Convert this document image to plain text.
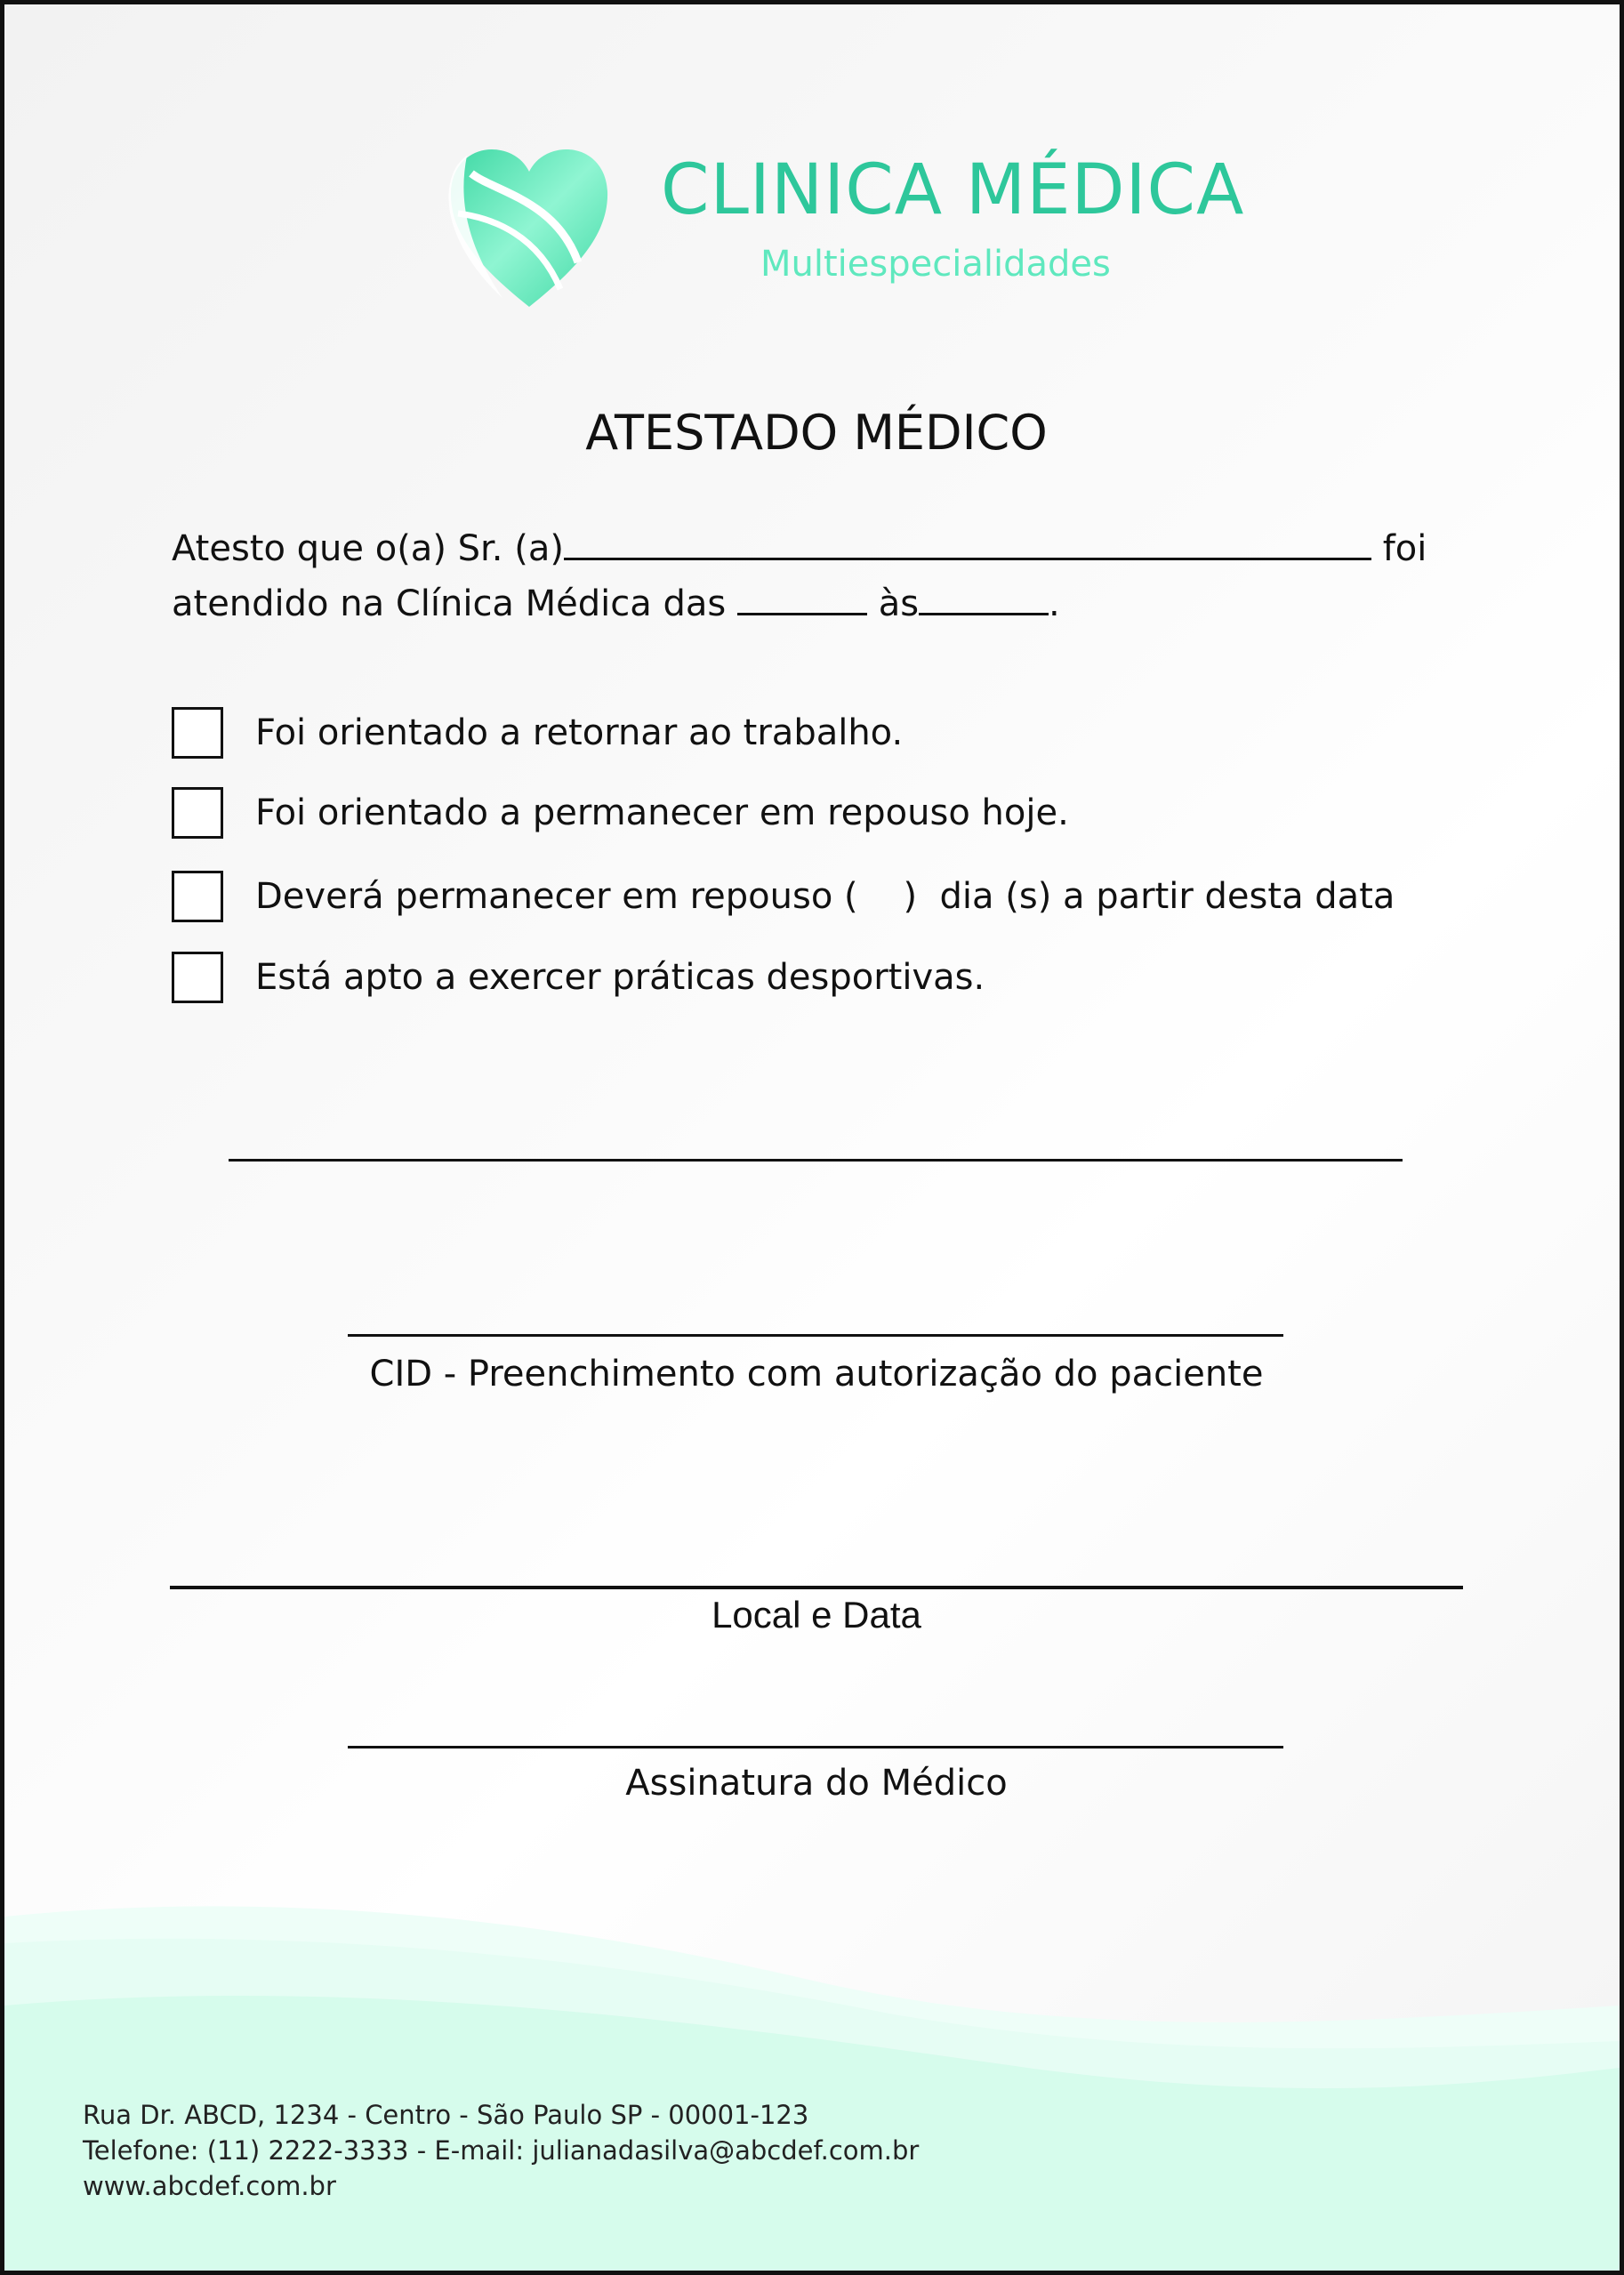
CLINICA MÉDICA
Multiespecialidades
ATESTADO MÉDICO
Atesto que o(a) Sr. (a)	foi
atendido na Clínica Médica das	às	.
Foi orientado a retornar ao trabalho.
Foi orientado a permanecer em repouso hoje.
Deverá permanecer em repouso (    )  dia (s) a partir desta data
Está apto a exercer práticas desportivas.
CID - Preenchimento com autorização do paciente
Local e Data
Assinatura do Médico
Rua Dr. ABCD, 1234 - Centro - São Paulo SP - 00001-123
Telefone: (11) 2222-3333 - E-mail: julianadasilva@abcdef.com.br
www.abcdef.com.br
